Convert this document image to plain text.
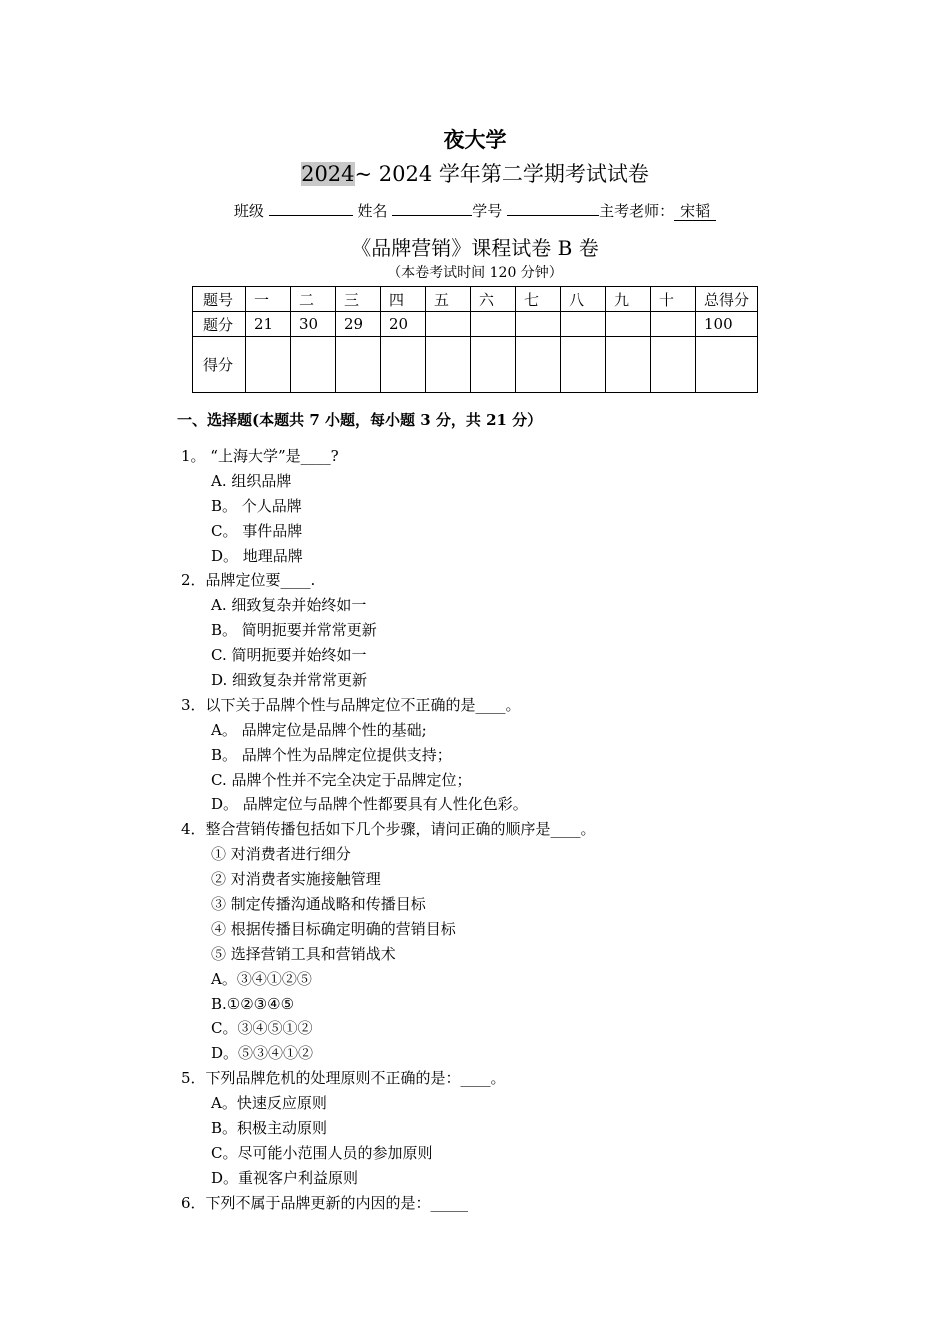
夜大学
2024~ 2024 学年第二学期考试试卷
班级	姓名	学号	主考老师： 宋韬
《品牌营销》课程试卷 B 卷
（本卷考试时间 120 分钟）
题号	一	二	三	四	五	六	七	八	九	十	总得分
题分	21	30	29	20							100
得分											
一、选择题(本题共 7 小题，每小题 3 分，共 21 分）
1。 “上海大学”是____?
A. 组织品牌
B。 个人品牌
C。 事件品牌
D。 地理品牌
2．品牌定位要____.
A. 细致复杂并始终如一
B。 简明扼要并常常更新
C. 简明扼要并始终如一
D. 细致复杂并常常更新
3．以下关于品牌个性与品牌定位不正确的是____。
A。 品牌定位是品牌个性的基础;
B。 品牌个性为品牌定位提供支持；
C. 品牌个性并不完全决定于品牌定位；
D。 品牌定位与品牌个性都要具有人性化色彩。
4．整合营销传播包括如下几个步骤，请问正确的顺序是____。
① 对消费者进行细分
② 对消费者实施接触管理
③ 制定传播沟通战略和传播目标
④ 根据传播目标确定明确的营销目标
⑤ 选择营销工具和营销战术
A。③④①②⑤
B.①②③④⑤
C。③④⑤①②
D。⑤③④①②
5．下列品牌危机的处理原则不正确的是：____。
A。快速反应原则
B。积极主动原则
C。尽可能小范围人员的参加原则
D。重视客户利益原则
6．下列不属于品牌更新的内因的是：_____
